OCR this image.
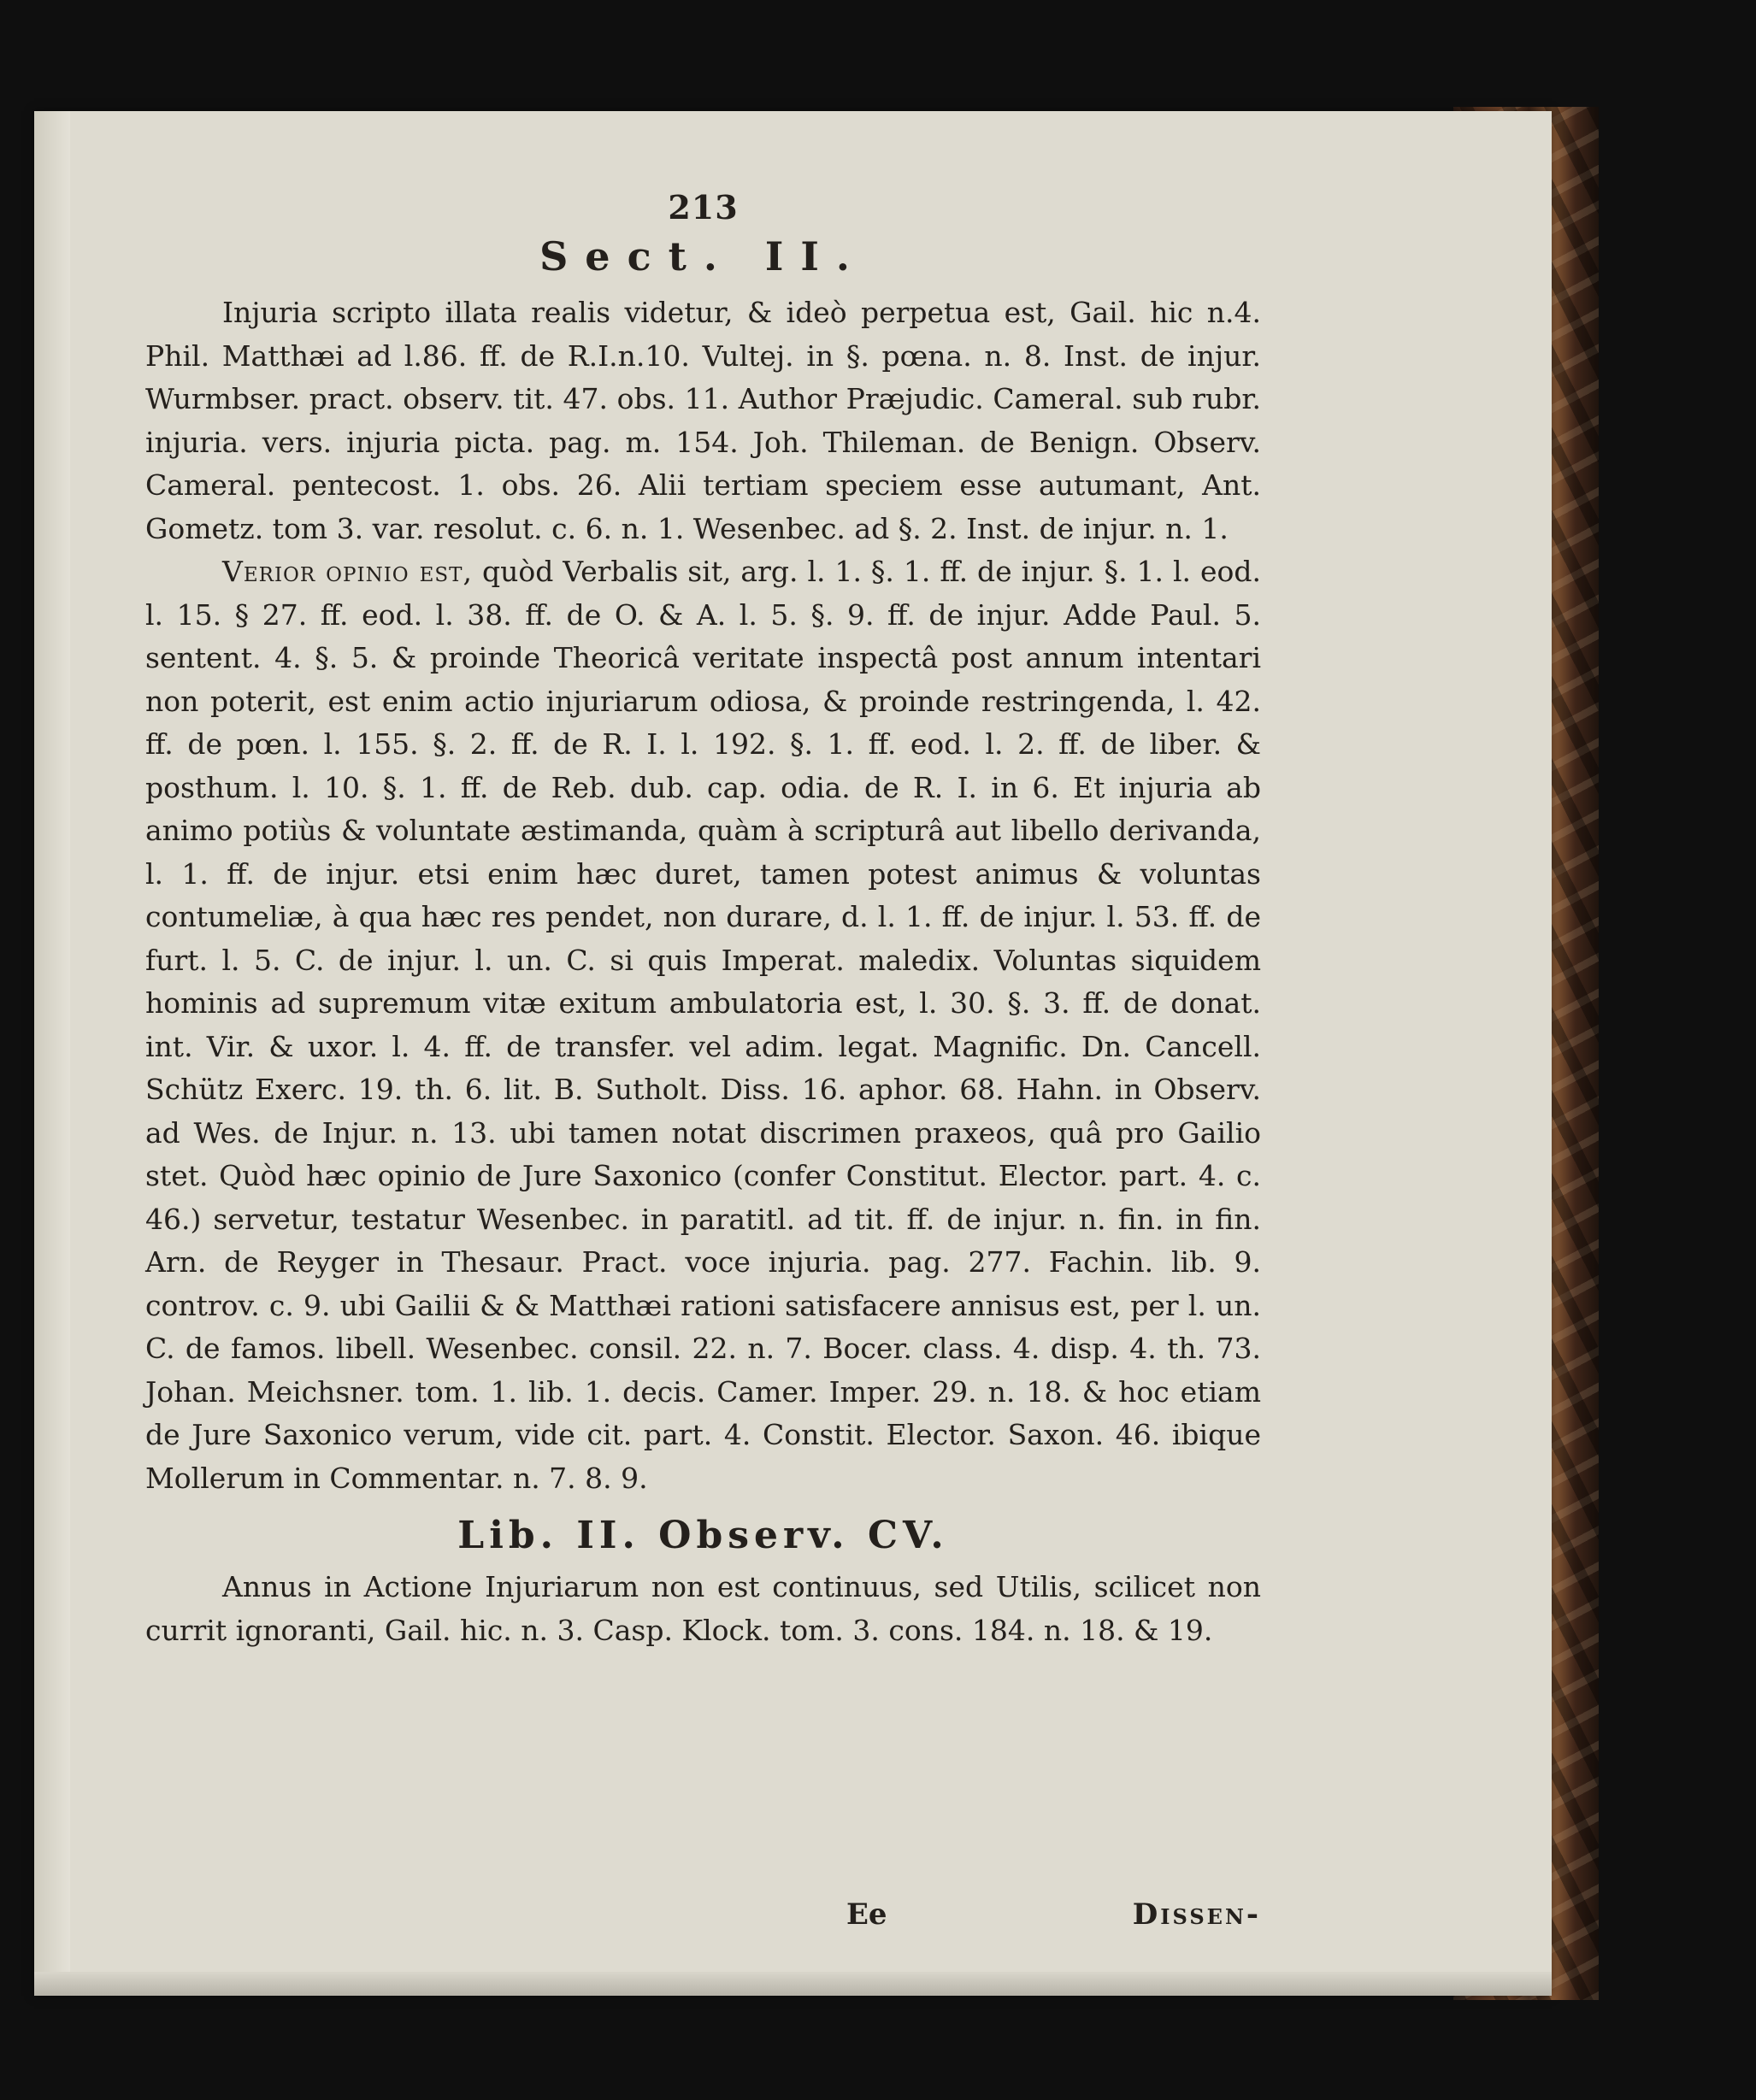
213
Sect. II.

Injuria scripto illata realis videtur, & ideò perpetua est, Gail. hic n.4. Phil. Matthæi ad l.86. ff. de R.I.n.10. Vultej. in §. pœna. n. 8. Inst. de injur. Wurmbser. pract. observ. tit. 47. obs. 11. Author Præjudic. Cameral. sub rubr. injuria. vers. injuria picta. pag. m. 154. Joh. Thileman. de Benign. Observ. Cameral. pentecost. 1. obs. 26. Alii tertiam speciem esse autumant, Ant. Gometz. tom 3. var. resolut. c. 6. n. 1. Wesenbec. ad §. 2. Inst. de injur. n. 1.

Verior opinio est, quòd Verbalis sit, arg. l. 1. §. 1. ff. de injur. §. 1. l. eod. l. 15. § 27. ff. eod. l. 38. ff. de O. & A. l. 5. §. 9. ff. de injur. Adde Paul. 5. sentent. 4. §. 5. & proinde Theoricâ veritate inspectâ post annum intentari non poterit, est enim actio injuriarum odiosa, & proinde restringenda, l. 42. ff. de pœn. l. 155. §. 2. ff. de R. I. l. 192. §. 1. ff. eod. l. 2. ff. de liber. & posthum. l. 10. §. 1. ff. de Reb. dub. cap. odia. de R. I. in 6. Et injuria ab animo potiùs & voluntate æstimanda, quàm à scripturâ aut libello derivanda, l. 1. ff. de injur. etsi enim hæc duret, tamen potest animus & voluntas contumeliæ, à qua hæc res pendet, non durare, d. l. 1. ff. de injur. l. 53. ff. de furt. l. 5. C. de injur. l. un. C. si quis Imperat. maledix. Voluntas siquidem hominis ad supremum vitæ exitum ambulatoria est, l. 30. §. 3. ff. de donat. int. Vir. & uxor. l. 4. ff. de transfer. vel adim. legat. Magnific. Dn. Cancell. Schütz Exerc. 19. th. 6. lit. B. Sutholt. Diss. 16. aphor. 68. Hahn. in Observ. ad Wes. de Injur. n. 13. ubi tamen notat discrimen praxeos, quâ pro Gailio stet. Quòd hæc opinio de Jure Saxonico (confer Constitut. Elector. part. 4. c. 46.) servetur, testatur Wesenbec. in paratitl. ad tit. ff. de injur. n. fin. in fin. Arn. de Reyger in Thesaur. Pract. voce injuria. pag. 277. Fachin. lib. 9. controv. c. 9. ubi Gailii & & Matthæi rationi satisfacere annisus est, per l. un. C. de famos. libell. Wesenbec. consil. 22. n. 7. Bocer. class. 4. disp. 4. th. 73. Johan. Meichsner. tom. 1. lib. 1. decis. Camer. Imper. 29. n. 18. & hoc etiam de Jure Saxonico verum, vide cit. part. 4. Constit. Elector. Saxon. 46. ibique Mollerum in Commentar. n. 7. 8. 9.

Lib. II. Observ. CV.

Annus in Actione Injuriarum non est continuus, sed Utilis, scilicet non currit ignoranti, Gail. hic. n. 3. Casp. Klock. tom. 3. cons. 184. n. 18. & 19.

Ee	Dissen-
